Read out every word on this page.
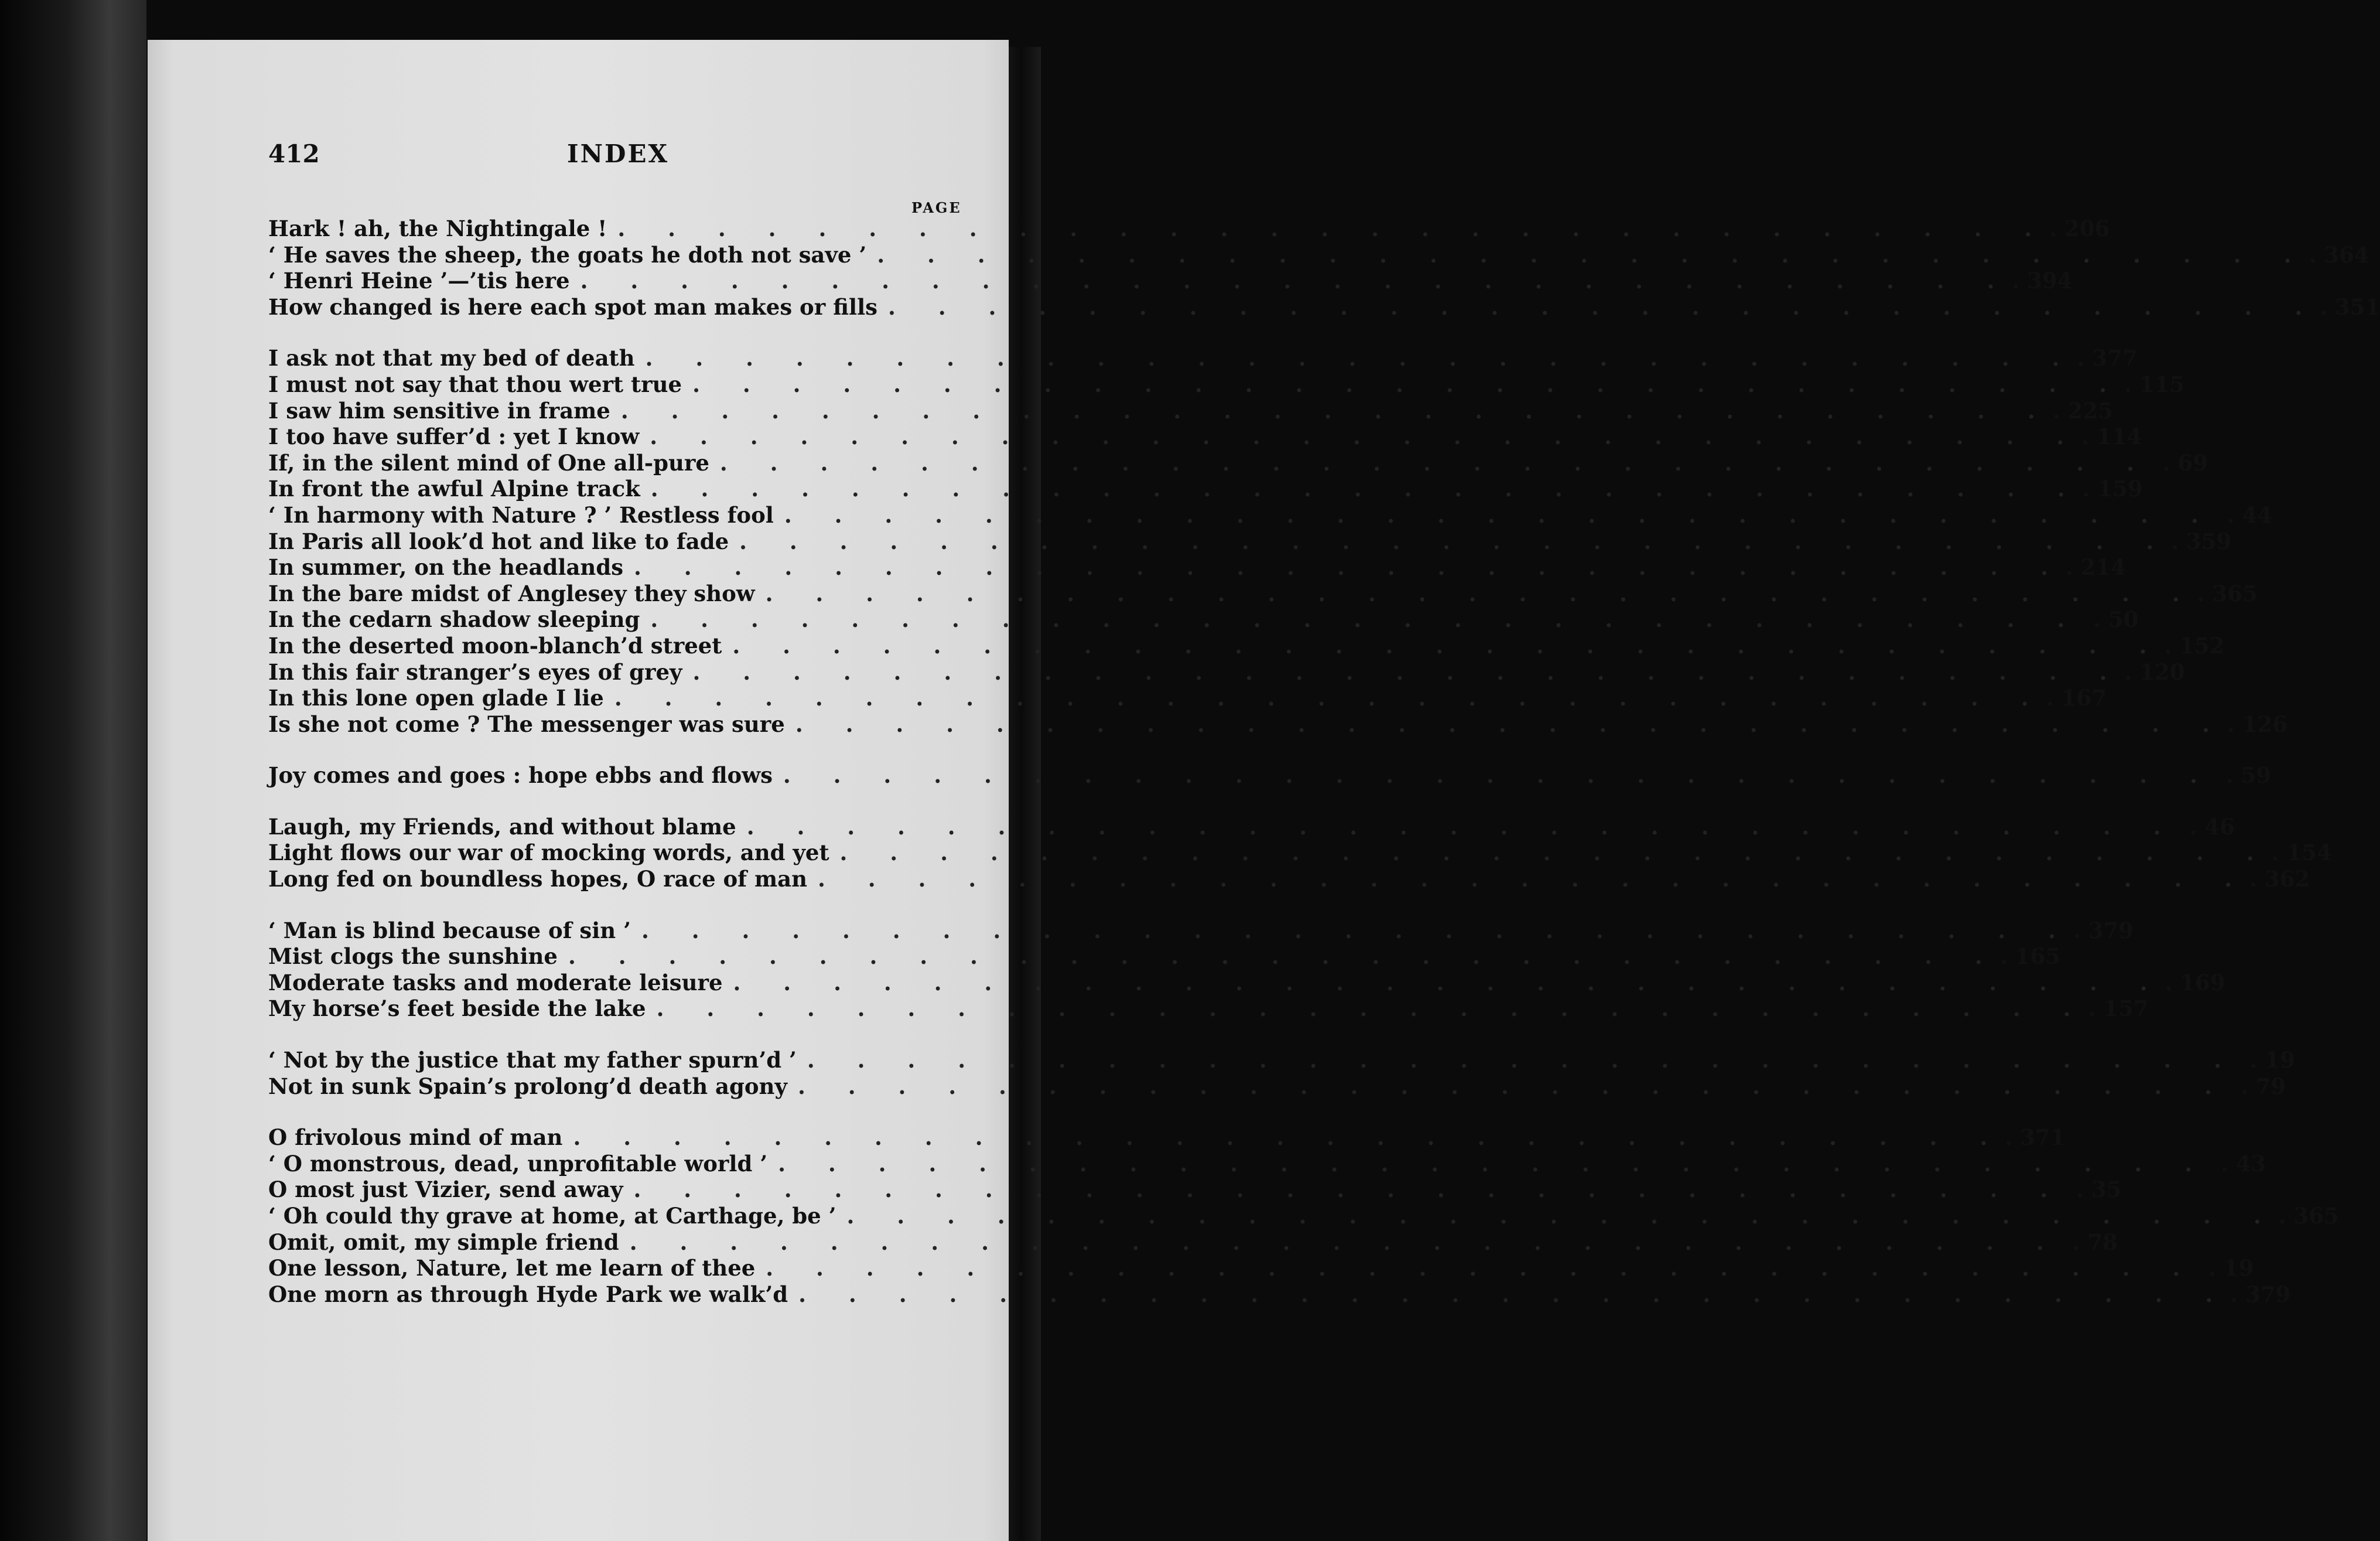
412	INDEX
PAGE
Hark ! ah, the Nightingale ! . . .	. 206
‘ He saves the sheep, the goats he doth not save ’ . . .	. 364
‘ Henri Heine ’—’tis here . . .	. 394
How changed is here each spot man makes or fills . . .	. 351
I ask not that my bed of death . . .	. 377
I must not say that thou wert true . . .	. 115
I saw him sensitive in frame . . .	. 225
I too have suffer’d : yet I know . . .	. 114
If, in the silent mind of One all-pure . . .	. 69
In front the awful Alpine track . . .	. 159
‘ In harmony with Nature ? ’ Restless fool . . .	. 44
In Paris all look’d hot and like to fade . . .	. 359
In summer, on the headlands . . .	. 214
In the bare midst of Anglesey they show . . .	. 365
In the cedarn shadow sleeping . . .	. 50
In the deserted moon-blanch’d street . . .	. 152
In this fair stranger’s eyes of grey . . .	. 120
In this lone open glade I lie . . .	. 167
Is she not come ? The messenger was sure . . .	. 126
Joy comes and goes : hope ebbs and flows . . .	. 59
Laugh, my Friends, and without blame . . .	. 46
Light flows our war of mocking words, and yet . . .	. 154
Long fed on boundless hopes, O race of man . . .	. 362
‘ Man is blind because of sin ’ . . .	. 379
Mist clogs the sunshine . . .	. 165
Moderate tasks and moderate leisure . . .	. 169
My horse’s feet beside the lake . . .	. 157
‘ Not by the justice that my father spurn’d ’ . . .	. 19
Not in sunk Spain’s prolong’d death agony . . .	. 79
O frivolous mind of man . . .	. 371
‘ O monstrous, dead, unprofitable world ’ . . .	. 43
O most just Vizier, send away . . .	. 35
‘ Oh could thy grave at home, at Carthage, be ’ . . .	. 365
Omit, omit, my simple friend . . .	. 78
One lesson, Nature, let me learn of thee . . .	. 19
One morn as through Hyde Park we walk’d . . .	. 379
